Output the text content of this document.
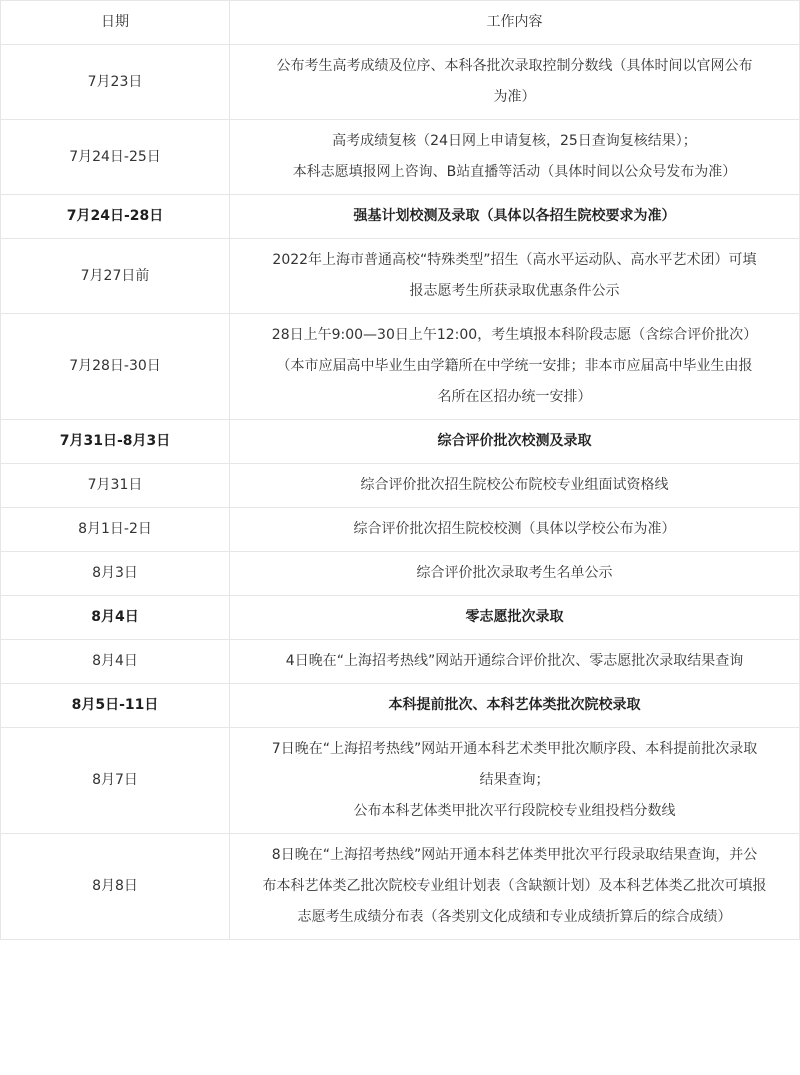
日期	工作内容
7月23日	公布考生高考成绩及位序、本科各批次录取控制分数线（具体时间以官网公布
为准）

7月24日-25日	高考成绩复核（24日网上申请复核，25日查询复核结果）；
本科志愿填报网上咨询、B站直播等活动（具体时间以公众号发布为准）

7月24日-28日	强基计划校测及录取（具体以各招生院校要求为准）

7月27日前	2022年上海市普通高校“特殊类型”招生（高水平运动队、高水平艺术团）可填
报志愿考生所获录取优惠条件公示

7月28日-30日	28日上午9:00—30日上午12:00，考生填报本科阶段志愿（含综合评价批次）
（本市应届高中毕业生由学籍所在中学统一安排；非本市应届高中毕业生由报
名所在区招办统一安排）

7月31日-8月3日	综合评价批次校测及录取

7月31日	综合评价批次招生院校公布院校专业组面试资格线

8月1日-2日	综合评价批次招生院校校测（具体以学校公布为准）

8月3日	综合评价批次录取考生名单公示

8月4日	零志愿批次录取

8月4日	4日晚在“上海招考热线”网站开通综合评价批次、零志愿批次录取结果查询

8月5日-11日	本科提前批次、本科艺体类批次院校录取

8月7日	7日晚在“上海招考热线”网站开通本科艺术类甲批次顺序段、本科提前批次录取
结果查询；
公布本科艺体类甲批次平行段院校专业组投档分数线

8月8日	8日晚在“上海招考热线”网站开通本科艺体类甲批次平行段录取结果查询，并公
布本科艺体类乙批次院校专业组计划表（含缺额计划）及本科艺体类乙批次可填报
志愿考生成绩分布表（各类别文化成绩和专业成绩折算后的综合成绩）
